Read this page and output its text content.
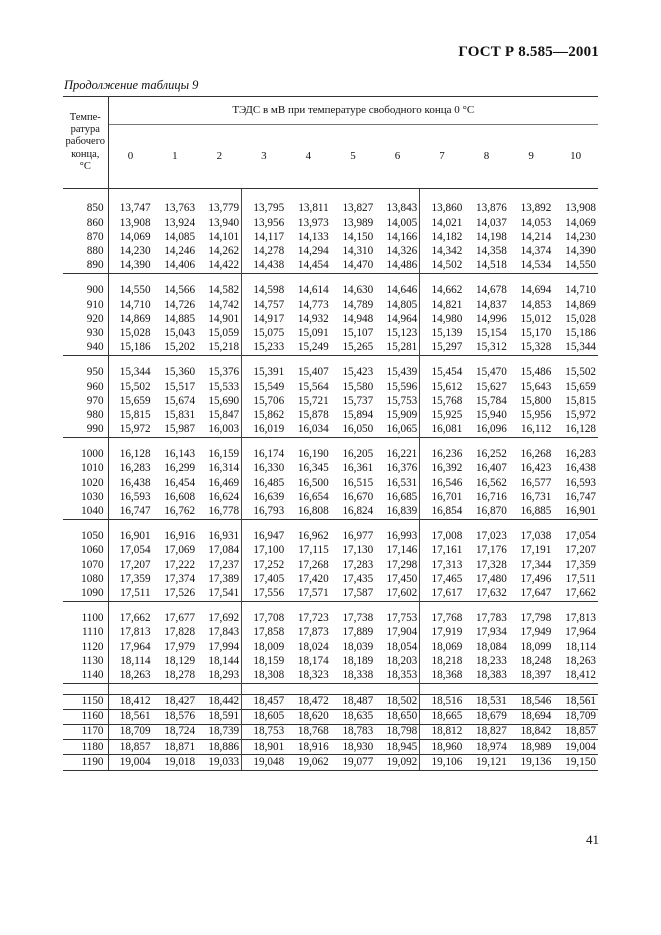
ГОСТ Р 8.585—2001
Продолжение таблицы 9
Темпе-
ратура
рабочего
конца,
°С	ТЭДС в мВ при температуре свободного конца 0 °С										
	0	1	2	3	4	5	6	7	8	9	10

850	13,747	13,763	13,779	13,795	13,811	13,827	13,843	13,860	13,876	13,892	13,908
860	13,908	13,924	13,940	13,956	13,973	13,989	14,005	14,021	14,037	14,053	14,069
870	14,069	14,085	14,101	14,117	14,133	14,150	14,166	14,182	14,198	14,214	14,230
880	14,230	14,246	14,262	14,278	14,294	14,310	14,326	14,342	14,358	14,374	14,390
890	14,390	14,406	14,422	14,438	14,454	14,470	14,486	14,502	14,518	14,534	14,550

900	14,550	14,566	14,582	14,598	14,614	14,630	14,646	14,662	14,678	14,694	14,710
910	14,710	14,726	14,742	14,757	14,773	14,789	14,805	14,821	14,837	14,853	14,869
920	14,869	14,885	14,901	14,917	14,932	14,948	14,964	14,980	14,996	15,012	15,028
930	15,028	15,043	15,059	15,075	15,091	15,107	15,123	15,139	15,154	15,170	15,186
940	15,186	15,202	15,218	15,233	15,249	15,265	15,281	15,297	15,312	15,328	15,344

950	15,344	15,360	15,376	15,391	15,407	15,423	15,439	15,454	15,470	15,486	15,502
960	15,502	15,517	15,533	15,549	15,564	15,580	15,596	15,612	15,627	15,643	15,659
970	15,659	15,674	15,690	15,706	15,721	15,737	15,753	15,768	15,784	15,800	15,815
980	15,815	15,831	15,847	15,862	15,878	15,894	15,909	15,925	15,940	15,956	15,972
990	15,972	15,987	16,003	16,019	16,034	16,050	16,065	16,081	16,096	16,112	16,128

1000	16,128	16,143	16,159	16,174	16,190	16,205	16,221	16,236	16,252	16,268	16,283
1010	16,283	16,299	16,314	16,330	16,345	16,361	16,376	16,392	16,407	16,423	16,438
1020	16,438	16,454	16,469	16,485	16,500	16,515	16,531	16,546	16,562	16,577	16,593
1030	16,593	16,608	16,624	16,639	16,654	16,670	16,685	16,701	16,716	16,731	16,747
1040	16,747	16,762	16,778	16,793	16,808	16,824	16,839	16,854	16,870	16,885	16,901

1050	16,901	16,916	16,931	16,947	16,962	16,977	16,993	17,008	17,023	17,038	17,054
1060	17,054	17,069	17,084	17,100	17,115	17,130	17,146	17,161	17,176	17,191	17,207
1070	17,207	17,222	17,237	17,252	17,268	17,283	17,298	17,313	17,328	17,344	17,359
1080	17,359	17,374	17,389	17,405	17,420	17,435	17,450	17,465	17,480	17,496	17,511
1090	17,511	17,526	17,541	17,556	17,571	17,587	17,602	17,617	17,632	17,647	17,662

1100	17,662	17,677	17,692	17,708	17,723	17,738	17,753	17,768	17,783	17,798	17,813
1110	17,813	17,828	17,843	17,858	17,873	17,889	17,904	17,919	17,934	17,949	17,964
1120	17,964	17,979	17,994	18,009	18,024	18,039	18,054	18,069	18,084	18,099	18,114
1130	18,114	18,129	18,144	18,159	18,174	18,189	18,203	18,218	18,233	18,248	18,263
1140	18,263	18,278	18,293	18,308	18,323	18,338	18,353	18,368	18,383	18,397	18,412

1150	18,412	18,427	18,442	18,457	18,472	18,487	18,502	18,516	18,531	18,546	18,561
1160	18,561	18,576	18,591	18,605	18,620	18,635	18,650	18,665	18,679	18,694	18,709
1170	18,709	18,724	18,739	18,753	18,768	18,783	18,798	18,812	18,827	18,842	18,857
1180	18,857	18,871	18,886	18,901	18,916	18,930	18,945	18,960	18,974	18,989	19,004
1190	19,004	19,018	19,033	19,048	19,062	19,077	19,092	19,106	19,121	19,136	19,150
41
